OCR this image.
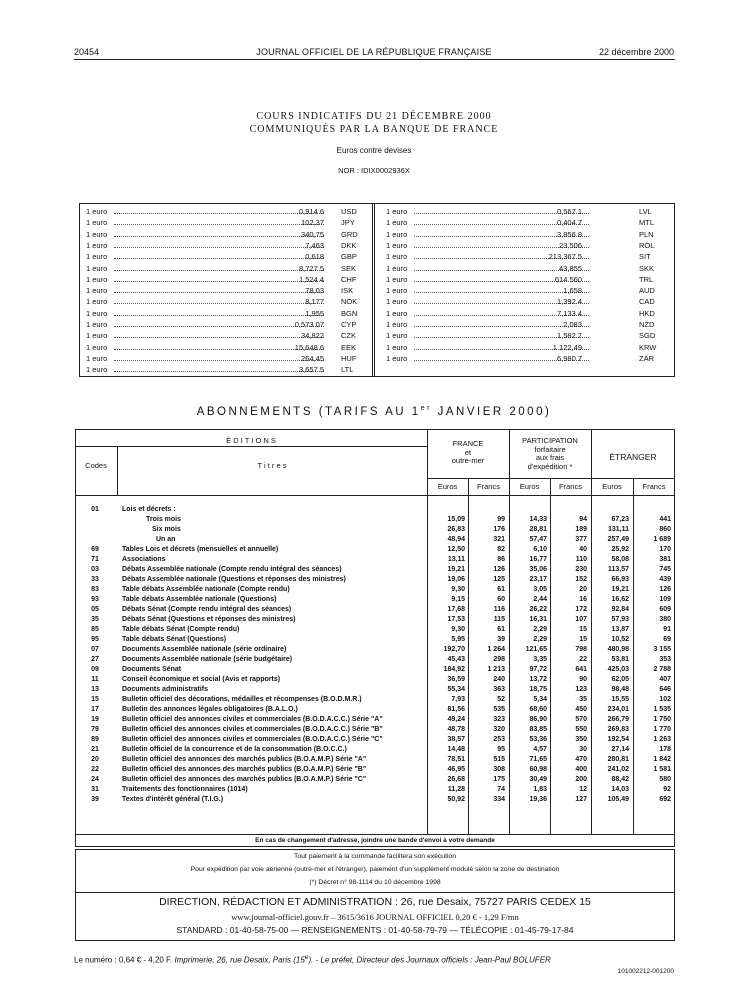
20454	JOURNAL OFFICIEL DE LA RÉPUBLIQUE FRANÇAISE	22 décembre 2000
COURS INDICATIFS DU 21 DÉCEMBRE 2000
COMMUNIQUÉS PAR LA BANQUE DE FRANCE
Euros contre devises
NOR : IDIX0002936X
1 euro	0,914 6 USD
1 euro	102,37 JPY
1 euro	340,75 GRD
1 euro	7,463 DKK
1 euro	0,618 GBP
1 euro	8,727 5 SEK
1 euro	1,524 4 CHF
1 euro	78,03 ISK
1 euro	8,177 NOK
1 euro	1,955 BGN
1 euro	0,573 07 CYP
1 euro	34,822 CZK
1 euro	15,648 6 EEK
1 euro	264,45 HUF
1 euro	3,657 5 LTL
1 euro	0,567 1	LVL
1 euro	0,404 7	MTL
1 euro	3,856 8	PLN
1 euro	23 506	ROL
1 euro	213,367 5	SIT
1 euro	43,855	SKK
1 euro	614 560	TRL
1 euro	1,658	AUD
1 euro	1,392 4	CAD
1 euro	7,133 4	HKD
1 euro	2,083	NZD
1 euro	1,582 7	SGD
1 euro	1 122,49	KRW
1 euro	6,980 7	ZAR
ABONNEMENTS (TARIFS AU 1er JANVIER 2000)
É D I T I O N S
Codes	T i t r e s
FRANCE
et
outre-mer
PARTICIPATION
forfaitaire
aux frais
d'expédition *
ÉTRANGER
Euros	Francs	Euros	Francs	Euros	Francs
01	Lois et décrets :
Trois mois	15,09	99	14,33	94	67,23	441
Six mois	26,83	176	28,81	189	131,11	860
Un an	48,94	321	57,47	377	257,49	1 689
69	Tables Lois et décrets (mensuelles et annuelle)	12,50	82	6,10	40	25,92	170
71	Associations	13,11	86	16,77	110	58,08	381
03	Débats Assemblée nationale (Compte rendu intégral des séances)	19,21	126	35,06	230	113,57	745
33	Débats Assemblée nationale (Questions et réponses des ministres)	19,06	125	23,17	152	66,93	439
83	Table débats Assemblée nationale (Compte rendu)	9,30	61	3,05	20	19,21	126
93	Table débats Assemblée nationale (Questions)	9,15	60	2,44	16	16,62	109
05	Débats Sénat (Compte rendu intégral des séances)	17,68	116	26,22	172	92,84	609
35	Débats Sénat (Questions et réponses des ministres)	17,53	115	16,31	107	57,93	380
85	Table débats Sénat (Compte rendu)	9,30	61	2,29	15	13,87	91
95	Table débats Sénat (Questions)	5,95	39	2,29	15	10,52	69
07	Documents Assemblée nationale (série ordinaire)	192,70	1 264	121,65	798	480,98	3 155
27	Documents Assemblée nationale (série budgétaire)	45,43	298	3,35	22	53,81	353
09	Documents Sénat	184,92	1 213	97,72	641	425,03	2 788
11	Conseil économique et social (Avis et rapports)	36,59	240	13,72	90	62,05	407
13	Documents administratifs	55,34	363	18,75	123	98,48	646
15	Bulletin officiel des décorations, médailles et récompenses (B.O.D.M.R.)	7,93	52	5,34	35	15,55	102
17	Bulletin des annonces légales obligatoires (B.A.L.O.)	81,56	535	68,60	450	234,01	1 535
19	Bulletin officiel des annonces civiles et commerciales (B.O.D.A.C.C.) Série "A"	49,24	323	86,90	570	266,79	1 750
79	Bulletin officiel des annonces civiles et commerciales (B.O.D.A.C.C.) Série "B"	48,78	320	83,85	550	269,83	1 770
89	Bulletin officiel des annonces civiles et commerciales (B.O.D.A.C.C.) Série "C"	38,57	253	53,36	350	192,54	1 263
21	Bulletin officiel de la concurrence et de la consommation (B.O.C.C.)	14,48	95	4,57	30	27,14	178
20	Bulletin officiel des annonces des marchés publics (B.O.A.M.P.) Série "A"	78,51	515	71,65	470	280,81	1 842
22	Bulletin officiel des annonces des marchés publics (B.O.A.M.P.) Série "B"	46,95	308	60,98	400	241,02	1 581
24	Bulletin officiel des annonces des marchés publics (B.O.A.M.P.) Série "C"	26,68	175	30,49	200	88,42	580
31	Traitements des fonctionnaires (1014)	11,28	74	1,83	12	14,03	92
39	Textes d'intérêt général (T.I.G.)	50,92	334	19,36	127	105,49	692
En cas de changement d'adresse, joindre une bande d'envoi à votre demande
Tout paiement à la commande facilitera son exécution
Pour expédition par voie aérienne (outre-mer et l'étranger), paiement d'un supplément modulé selon la zone de destination
(*) Décret n° 98-1114 du 10 décembre 1998
DIRECTION, RÉDACTION ET ADMINISTRATION : 26, rue Desaix, 75727 PARIS CEDEX 15
www.journal-officiel.gouv.fr – 3615/3616 JOURNAL OFFICIEL 0,20 € - 1,29 F/mn
STANDARD : 01-40-58-75-00 — RENSEIGNEMENTS : 01-40-58-79-79 — TÉLÉCOPIE : 01-45-79-17-84
Le numéro : 0,64 € - 4,20 F. Imprimerie, 26, rue Desaix, Paris (15e). - Le préfet, Directeur des Journaux officiels : Jean-Paul BOLUFER
101002212-001200
